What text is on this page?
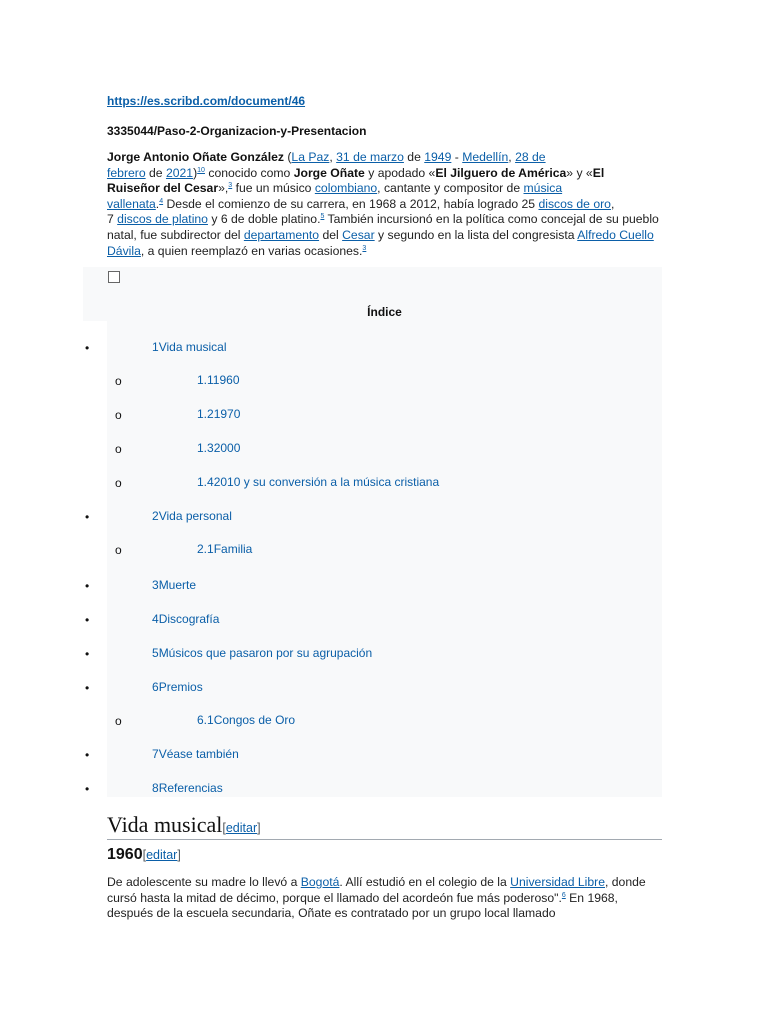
https://es.scribd.com/document/46
3335044/Paso-2-Organizacion-y-Presentacion
Jorge Antonio Oñate González (La Paz, 31 de marzo de 1949 - Medellín, 28 de
febrero de 2021)$^{10}$ conocido como Jorge Oñate y apodado «El Jilguero de América» y «El
Ruiseñor del Cesar»,$^3$ fue un músico colombiano, cantante y compositor de música
vallenata.$^4$ Desde el comienzo de su carrera, en 1968 a 2012, había logrado 25 discos de oro,
7 discos de platino y 6 de doble platino.$^5$ También incursionó en la política como concejal de su pueblo natal, fue subdirector del departamento del Cesar y segundo en la lista del congresista Alfredo Cuello Dávila, a quien reemplazó en varias ocasiones.$^3$
Índice
•	1Vida musical
o	1.11960
o	1.21970
o	1.32000
o	1.42010 y su conversión a la música cristiana
•	2Vida personal
o	2.1Familia
•	3Muerte
•	4Discografía
•	5Músicos que pasaron por su agrupación
•	6Premios
o	6.1Congos de Oro
•	7Véase también
•	8Referencias
Vida musical[editar]
1960[editar]
De adolescente su madre lo llevó a Bogotá. Allí estudió en el colegio de la Universidad Libre, donde cursó hasta la mitad de décimo, porque el llamado del acordeón fue más poderoso".$^6$ En 1968, después de la escuela secundaria, Oñate es contratado por un grupo local llamado
